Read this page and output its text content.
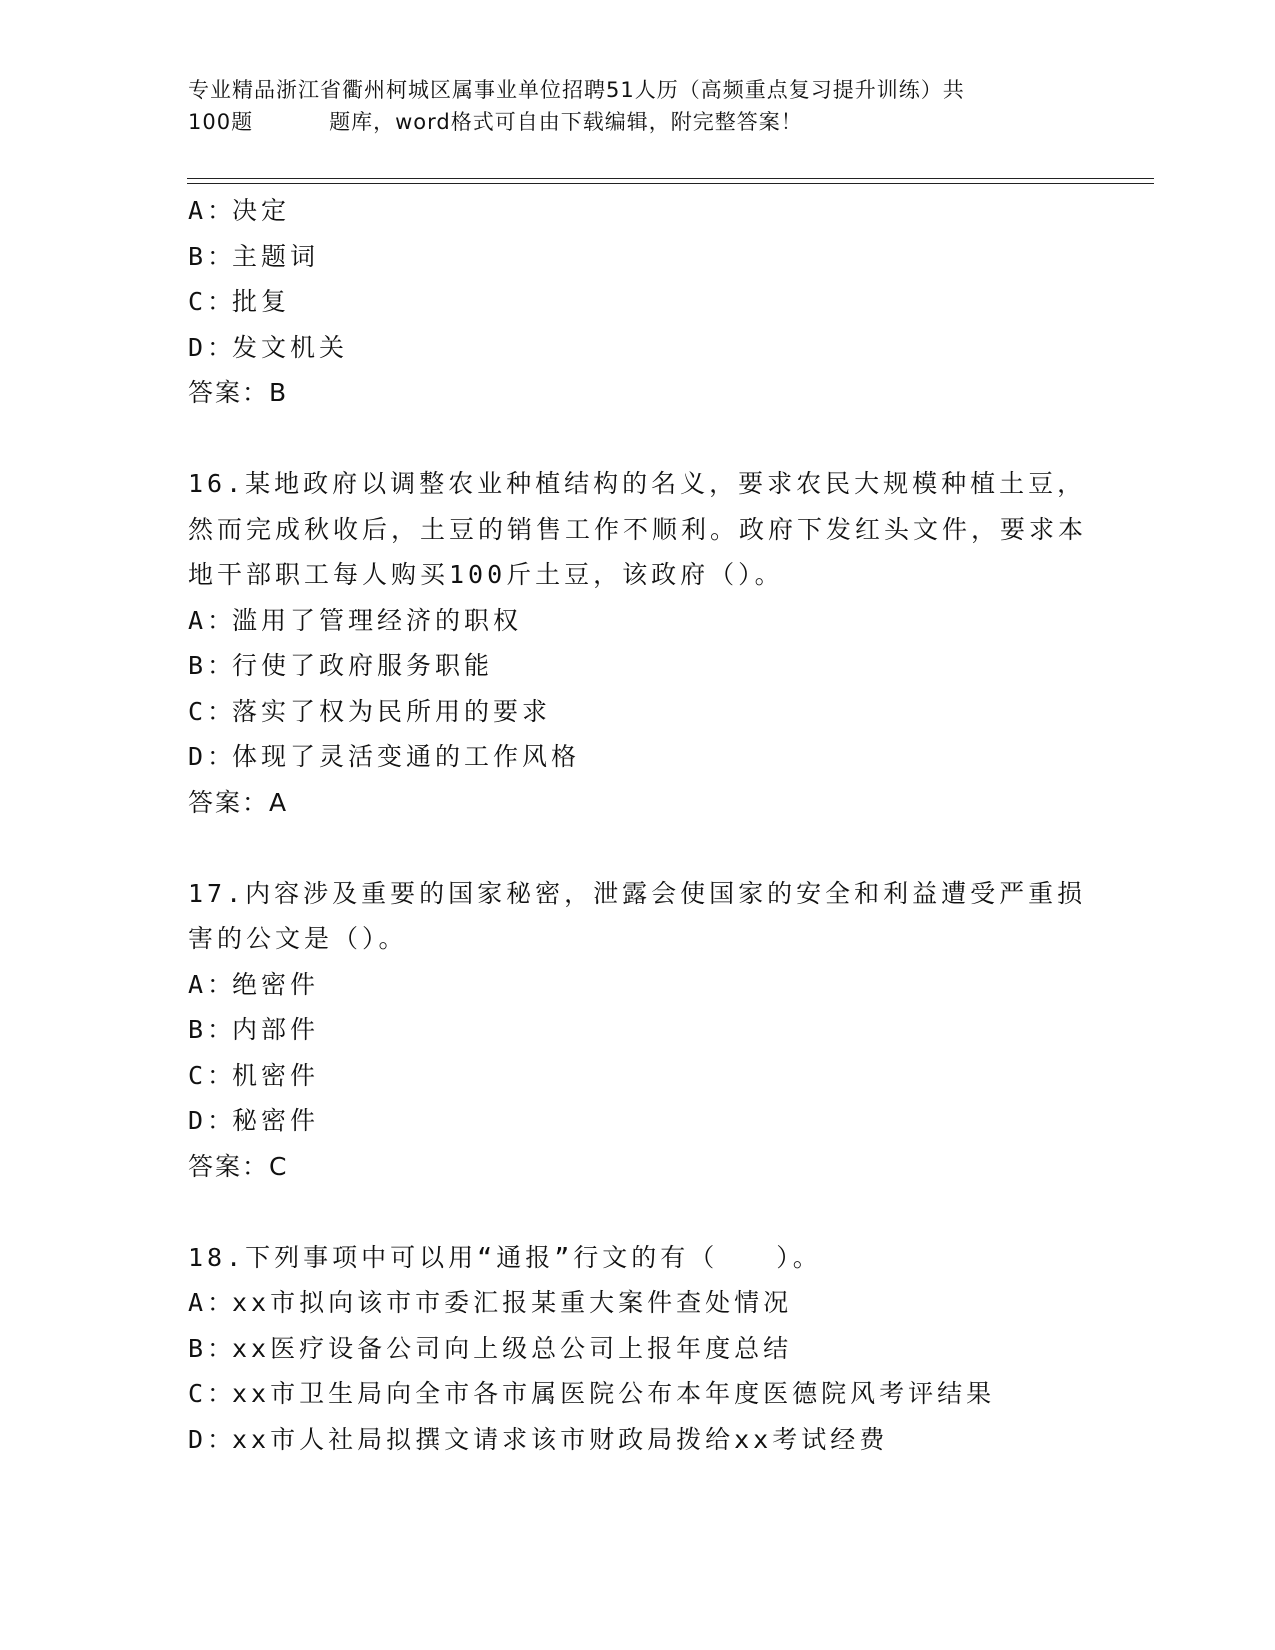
专业精品浙江省衢州柯城区属事业单位招聘51人历（高频重点复习提升训练）共
100题	题库，word格式可自由下载编辑，附完整答案！
A：决定
B：主题词
C：批复
D：发文机关
答案：B
16.某地政府以调整农业种植结构的名义，要求农民大规模种植土豆，然而完成秋收后，土豆的销售工作不顺利。政府下发红头文件，要求本地干部职工每人购买100斤土豆，该政府（）。
A：滥用了管理经济的职权
B：行使了政府服务职能
C：落实了权为民所用的要求
D：体现了灵活变通的工作风格
答案：A
17.内容涉及重要的国家秘密，泄露会使国家的安全和利益遭受严重损害的公文是（）。
A：绝密件
B：内部件
C：机密件
D：秘密件
答案：C
18.下列事项中可以用“通报”行文的有（　　）。
A：xx市拟向该市市委汇报某重大案件查处情况
B：xx医疗设备公司向上级总公司上报年度总结
C：xx市卫生局向全市各市属医院公布本年度医德院风考评结果
D：xx市人社局拟撰文请求该市财政局拨给xx考试经费
